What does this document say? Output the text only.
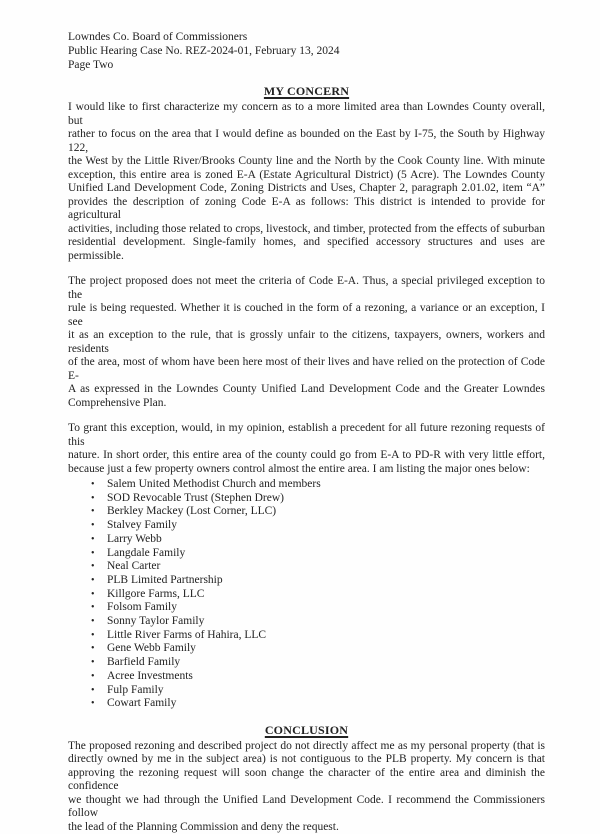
Lowndes Co. Board of Commissioners
Public Hearing Case No. REZ-2024-01, February 13, 2024
Page Two
MY CONCERN
I would like to first characterize my concern as to a more limited area than Lowndes County overall, but
rather to focus on the area that I would define as bounded on the East by I-75, the South by Highway 122,
the West by the Little River/Brooks County line and the North by the Cook County line. With minute
exception, this entire area is zoned E-A (Estate Agricultural District) (5 Acre). The Lowndes County
Unified Land Development Code, Zoning Districts and Uses, Chapter 2, paragraph 2.01.02, item “A”
provides the description of zoning Code E-A as follows: This district is intended to provide for agricultural
activities, including those related to crops, livestock, and timber, protected from the effects of suburban
residential development. Single-family homes, and specified accessory structures and uses are permissible.
The project proposed does not meet the criteria of Code E-A. Thus, a special privileged exception to the
rule is being requested. Whether it is couched in the form of a rezoning, a variance or an exception, I see
it as an exception to the rule, that is grossly unfair to the citizens, taxpayers, owners, workers and residents
of the area, most of whom have been here most of their lives and have relied on the protection of Code E-
A as expressed in the Lowndes County Unified Land Development Code and the Greater Lowndes
Comprehensive Plan.
To grant this exception, would, in my opinion, establish a precedent for all future rezoning requests of this
nature. In short order, this entire area of the county could go from E-A to PD-R with very little effort,
because just a few property owners control almost the entire area. I am listing the major ones below:
•	Salem United Methodist Church and members
•	SOD Revocable Trust (Stephen Drew)
•	Berkley Mackey (Lost Corner, LLC)
•	Stalvey Family
•	Larry Webb
•	Langdale Family
•	Neal Carter
•	PLB Limited Partnership
•	Killgore Farms, LLC
•	Folsom Family
•	Sonny Taylor Family
•	Little River Farms of Hahira, LLC
•	Gene Webb Family
•	Barfield Family
•	Acree Investments
•	Fulp Family
•	Cowart Family
CONCLUSION
The proposed rezoning and described project do not directly affect me as my personal property (that is
directly owned by me in the subject area) is not contiguous to the PLB property. My concern is that
approving the rezoning request will soon change the character of the entire area and diminish the confidence
we thought we had through the Unified Land Development Code. I recommend the Commissioners follow
the lead of the Planning Commission and deny the request.
